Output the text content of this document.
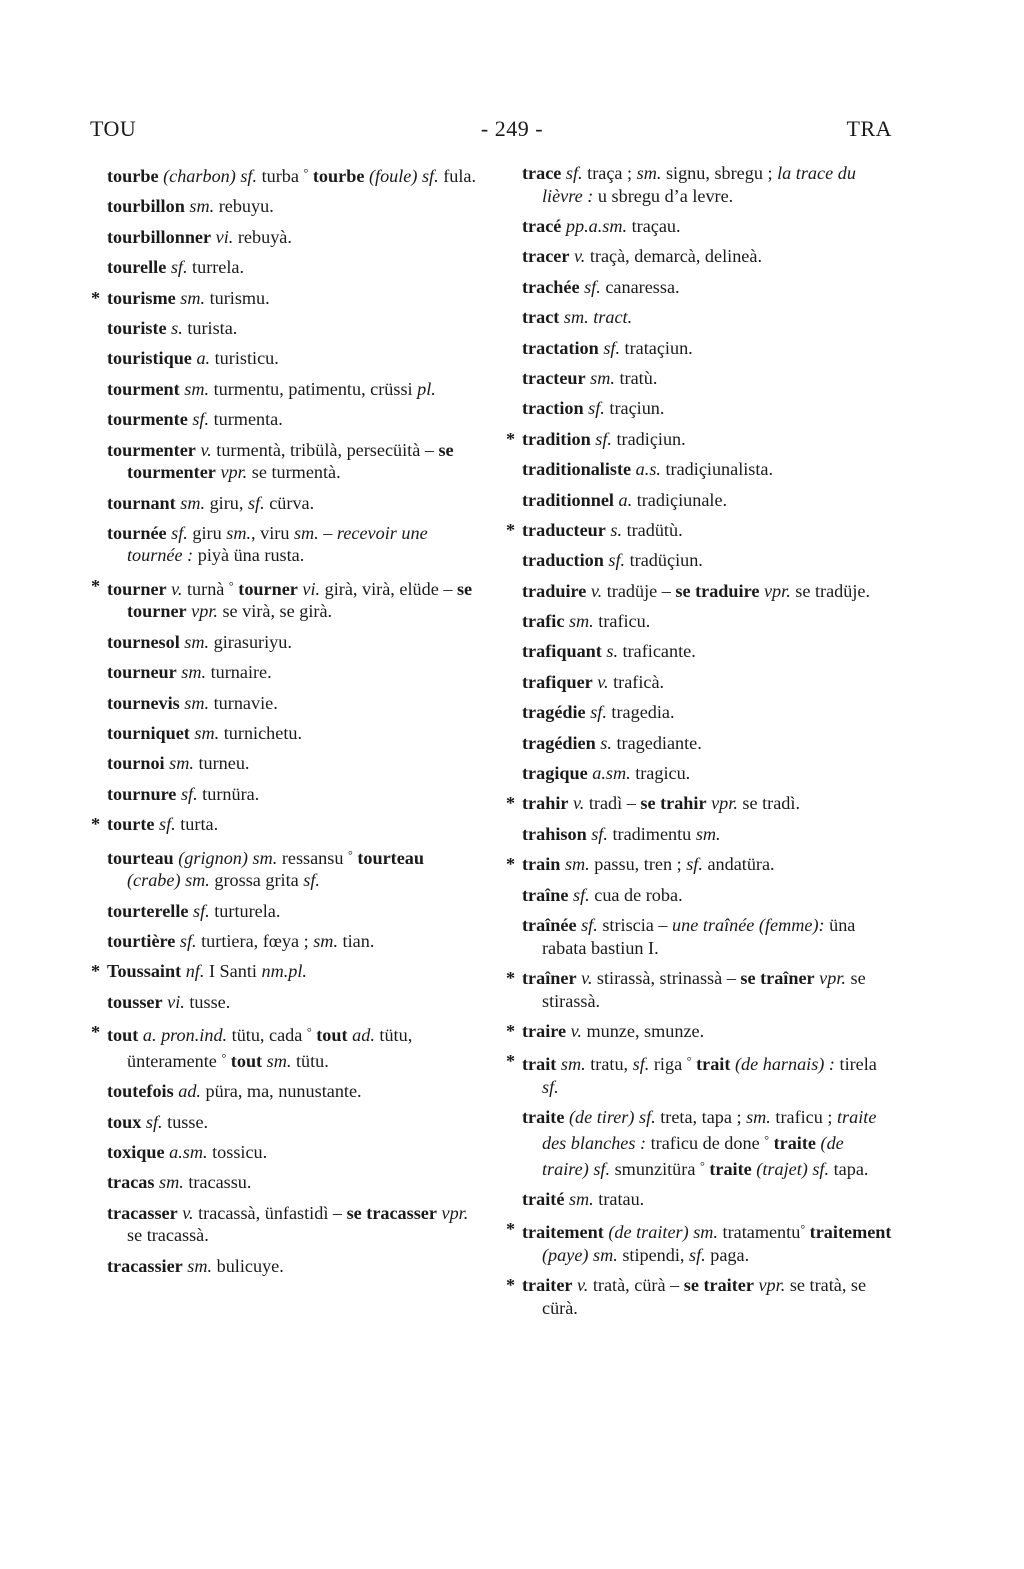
TOU	- 249 -	TRA
tourbe (charbon) sf. turba ° tourbe (foule) sf. fula.
tourbillon sm. rebuyu.
tourbillonner vi. rebuyà.
tourelle sf. turrela.
* tourisme sm. turismu.
touriste s. turista.
touristique a. turisticu.
tourment sm. turmentu, patimentu, crüssi pl.
tourmente sf. turmenta.
tourmenter v. turmentà, tribülà, persecüità – se tourmenter vpr. se turmentà.
tournant sm. giru, sf. cürva.
tournée sf. giru sm., viru sm. – recevoir une tournée : piyà üna rusta.
* tourner v. turnà ° tourner vi. girà, virà, elüde – se tourner vpr. se virà, se girà.
tournesol sm. girasuriyu.
tourneur sm. turnaire.
tournevis sm. turnavie.
tourniquet sm. turnichetu.
tournoi sm. turneu.
tournure sf. turnüra.
* tourte sf. turta.
tourteau (grignon) sm. ressansu ° tourteau (crabe) sm. grossa grita sf.
tourterelle sf. turturela.
tourtière sf. turtiera, fœya ; sm. tian.
* Toussaint nf. I Santi nm.pl.
tousser vi. tusse.
* tout a. pron.ind. tütu, cada ° tout ad. tütu, ünteramente ° tout sm. tütu.
toutefois ad. püra, ma, nunustante.
toux sf. tusse.
toxique a.sm. tossicu.
tracas sm. tracassu.
tracasser v. tracassà, ünfastidì – se tracasser vpr. se tracassà.
tracassier sm. bulicuye.
trace sf. traça ; sm. signu, sbregu ; la trace du lièvre : u sbregu d’a levre.
tracé pp.a.sm. traçau.
tracer v. traçà, demarcà, delineà.
trachée sf. canaressa.
tract sm. tract.
tractation sf. trataçiun.
tracteur sm. tratù.
traction sf. traçiun.
* tradition sf. tradiçiun.
traditionaliste a.s. tradiçiunalista.
traditionnel a. tradiçiunale.
* traducteur s. tradütù.
traduction sf. tradüçiun.
traduire v. tradüje – se traduire vpr. se tradüje.
trafic sm. traficu.
trafiquant s. traficante.
trafiquer v. traficà.
tragédie sf. tragedia.
tragédien s. tragediante.
tragique a.sm. tragicu.
* trahir v. tradì – se trahir vpr. se tradì.
trahison sf. tradimentu sm.
* train sm. passu, tren ; sf. andatüra.
traîne sf. cua de roba.
traînée sf. striscia – une traînée (femme): üna rabata bastiun I.
* traîner v. stirassà, strinassà – se traîner vpr. se stirassà.
* traire v. munze, smunze.
* trait sm. tratu, sf. riga ° trait (de harnais) : tirela sf.
traite (de tirer) sf. treta, tapa ; sm. traficu ; traite des blanches : traficu de done ° traite (de traire) sf. smunzitüra ° traite (trajet) sf. tapa.
traité sm. tratau.
* traitement (de traiter) sm. tratamentu° traitement (paye) sm. stipendi, sf. paga.
* traiter v. tratà, cürà – se traiter vpr. se tratà, se cürà.
